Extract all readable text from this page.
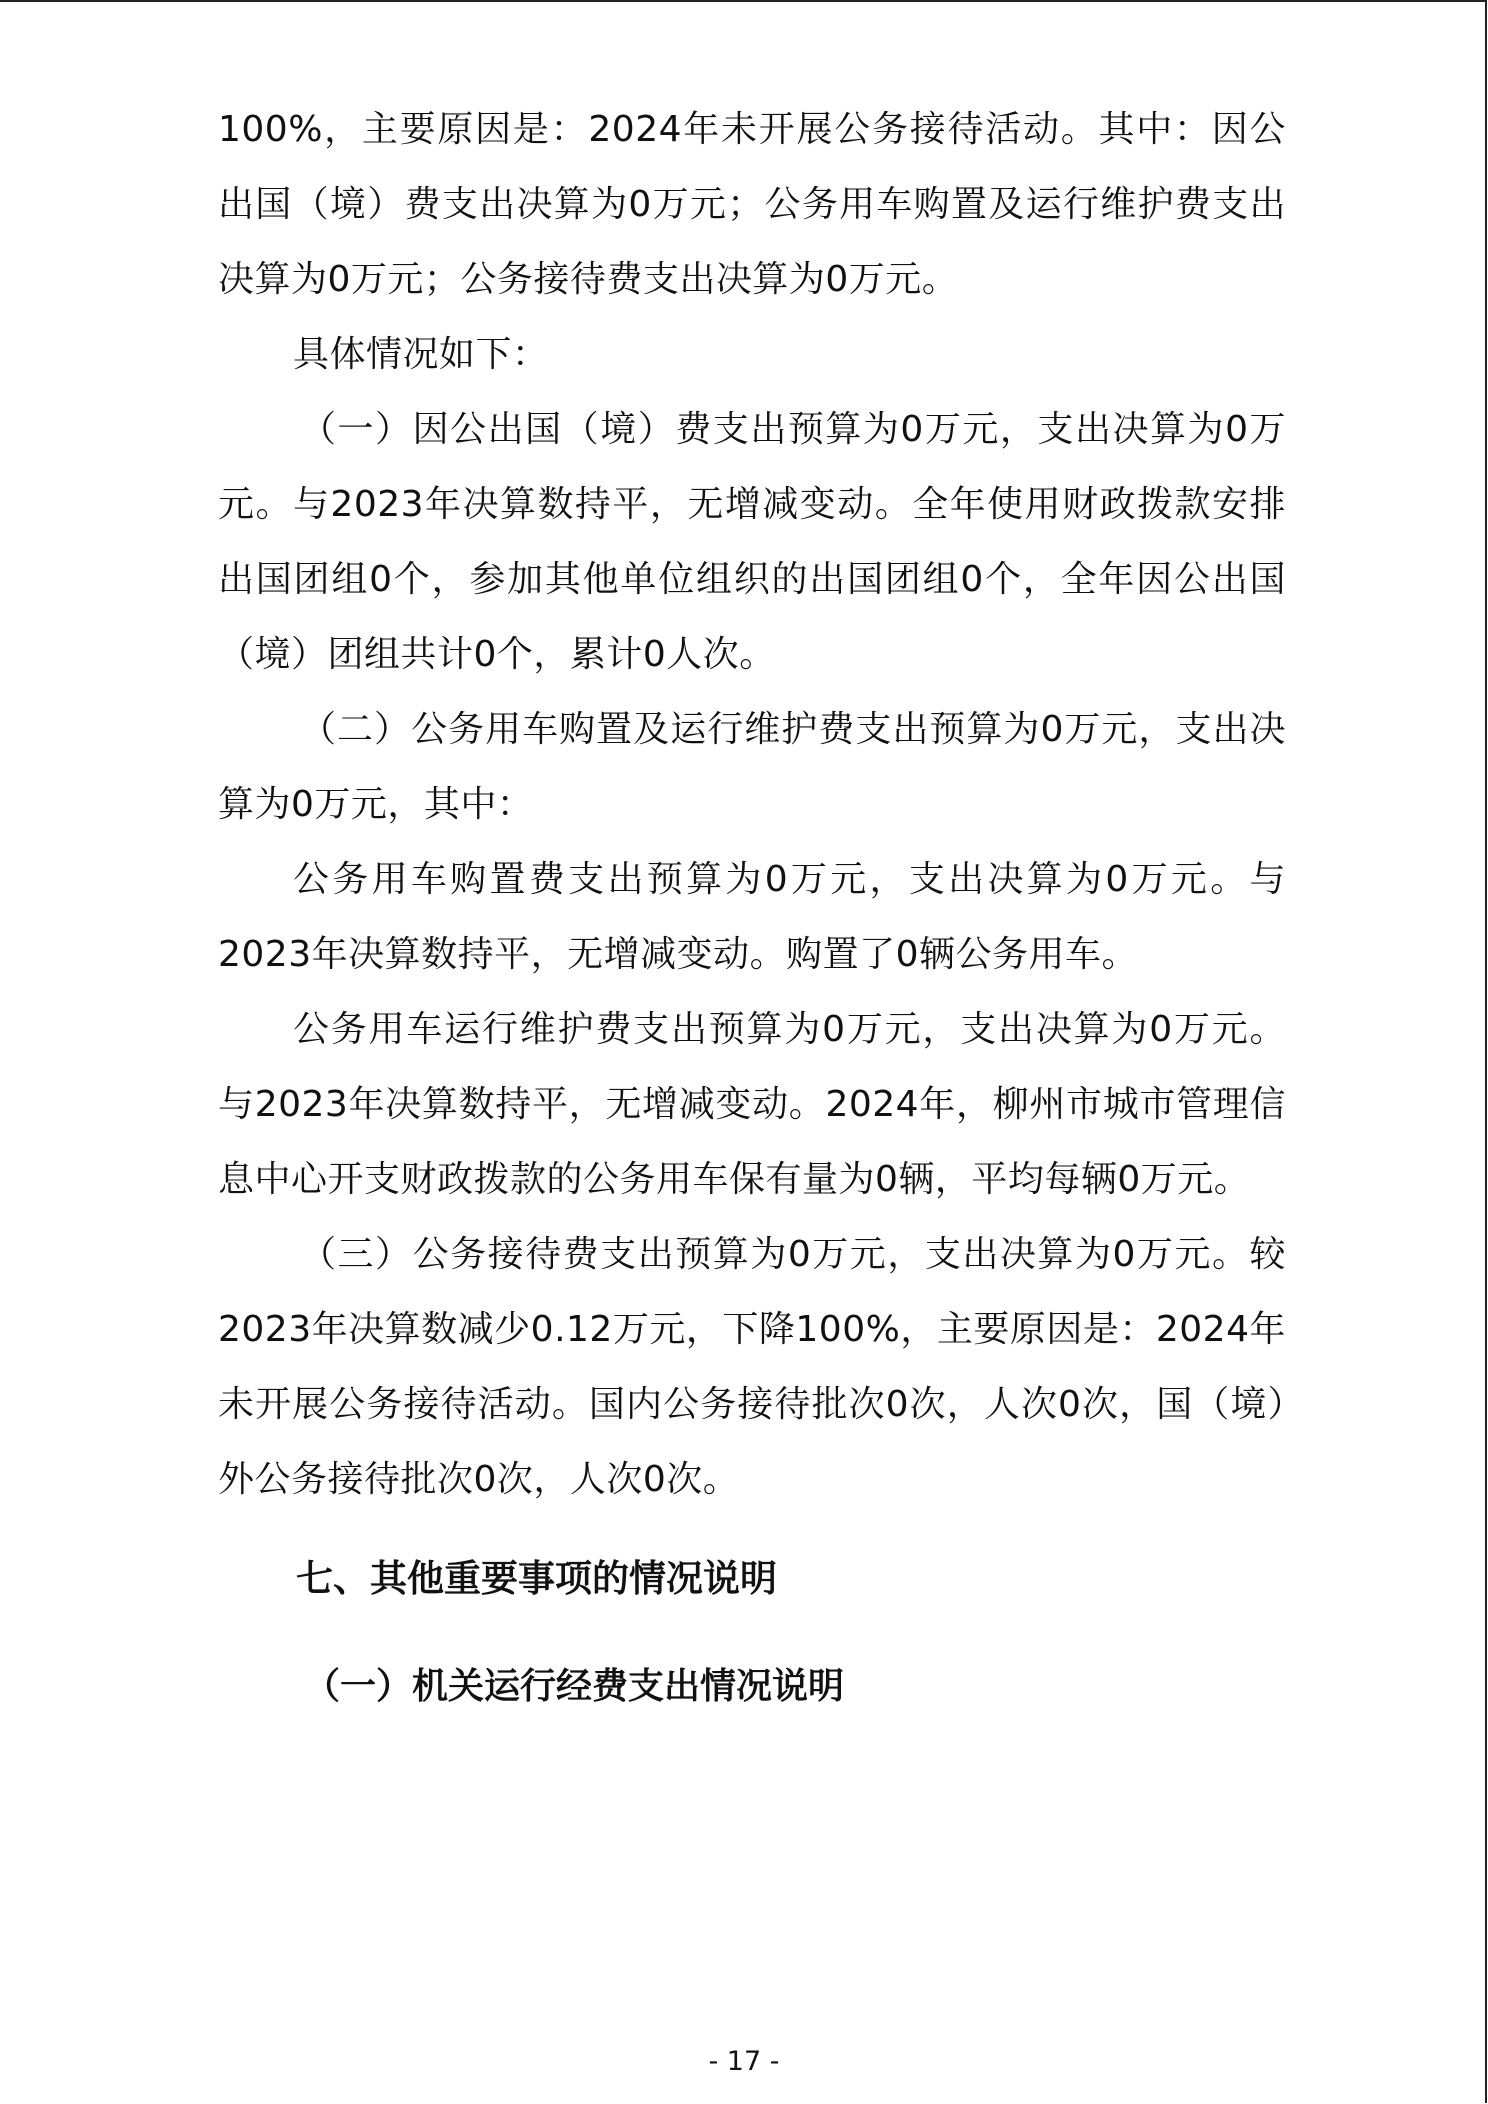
100%，主要原因是：2024年未开展公务接待活动。其中：因公出国（境）费支出决算为0万元；公务用车购置及运行维护费支出决算为0万元；公务接待费支出决算为0万元。

具体情况如下：

（一）因公出国（境）费支出预算为0万元，支出决算为0万元。与2023年决算数持平，无增减变动。全年使用财政拨款安排出国团组0个，参加其他单位组织的出国团组0个，全年因公出国（境）团组共计0个，累计0人次。

（二）公务用车购置及运行维护费支出预算为0万元，支出决算为0万元，其中：

公务用车购置费支出预算为0万元，支出决算为0万元。与2023年决算数持平，无增减变动。购置了0辆公务用车。

公务用车运行维护费支出预算为0万元，支出决算为0万元。与2023年决算数持平，无增减变动。2024年，柳州市城市管理信息中心开支财政拨款的公务用车保有量为0辆，平均每辆0万元。

（三）公务接待费支出预算为0万元，支出决算为0万元。较2023年决算数减少0.12万元，下降100%，主要原因是：2024年未开展公务接待活动。国内公务接待批次0次，人次0次，国（境）外公务接待批次0次，人次0次。

七、其他重要事项的情况说明
（一）机关运行经费支出情况说明
- 17 -
